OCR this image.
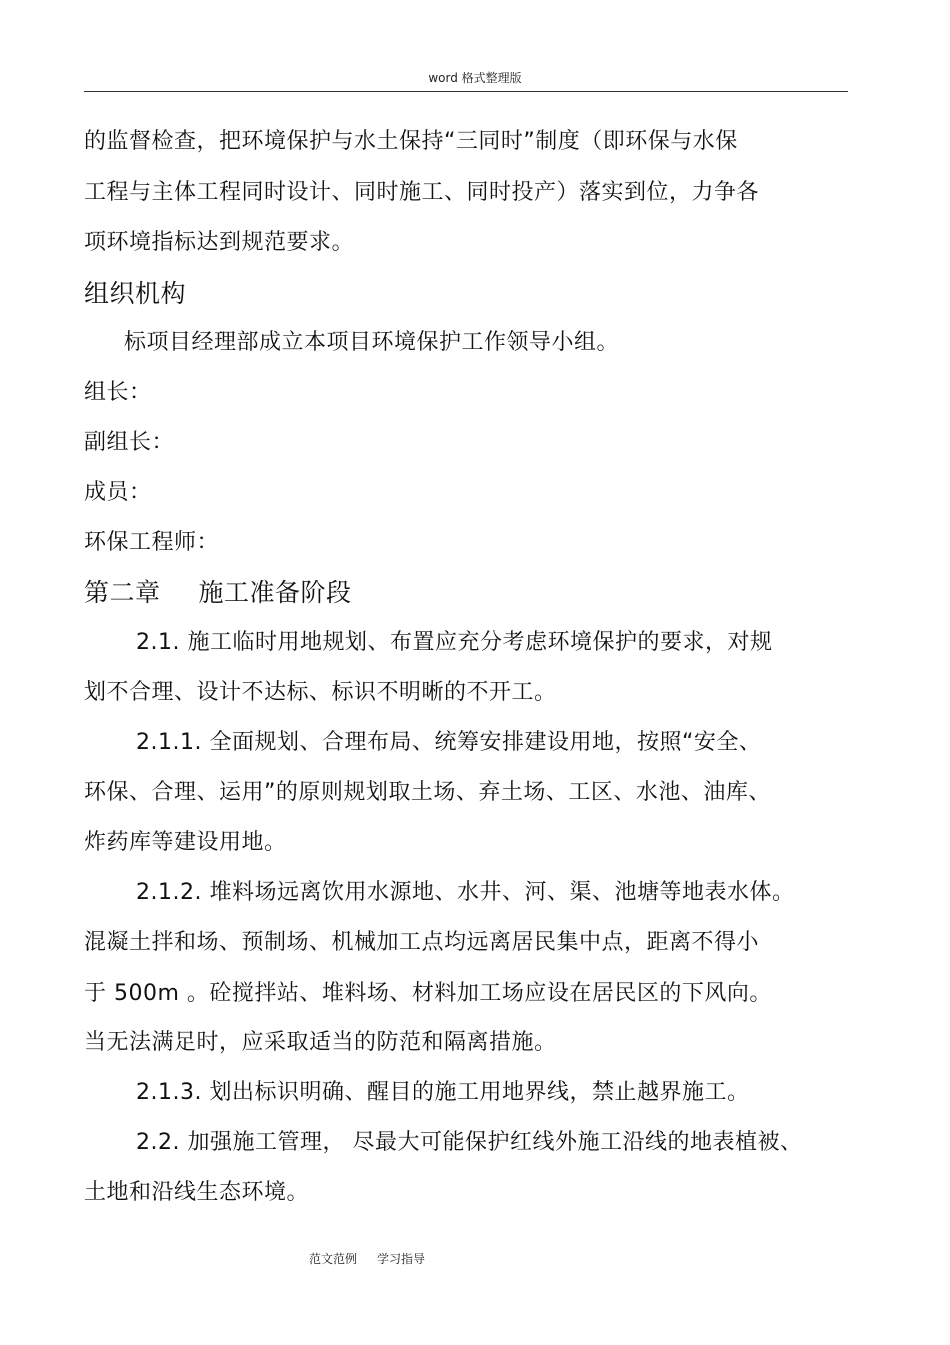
word 格式整理版
的监督检查，把环境保护与水土保持“三同时”制度（即环保与水保
工程与主体工程同时设计、同时施工、同时投产）落实到位，力争各
项环境指标达到规范要求。
组织机构
标项目经理部成立本项目环境保护工作领导小组。
组长：
副组长：
成员：
环保工程师：
第二章 施工准备阶段
2.1. 施工临时用地规划、布置应充分考虑环境保护的要求，对规
划不合理、设计不达标、标识不明晰的不开工。
2.1.1. 全面规划、合理布局、统筹安排建设用地，按照“安全、
环保、合理、运用”的原则规划取土场、弃土场、工区、水池、油库、
炸药库等建设用地。
2.1.2. 堆料场远离饮用水源地、水井、河、渠、池塘等地表水体。
混凝土拌和场、预制场、机械加工点均远离居民集中点，距离不得小
于 500m 。砼搅拌站、堆料场、材料加工场应设在居民区的下风向。
当无法满足时，应采取适当的防范和隔离措施。
2.1.3. 划出标识明确、醒目的施工用地界线，禁止越界施工。
2.2. 加强施工管理， 尽最大可能保护红线外施工沿线的地表植被、
土地和沿线生态环境。
范文范例 学习指导
